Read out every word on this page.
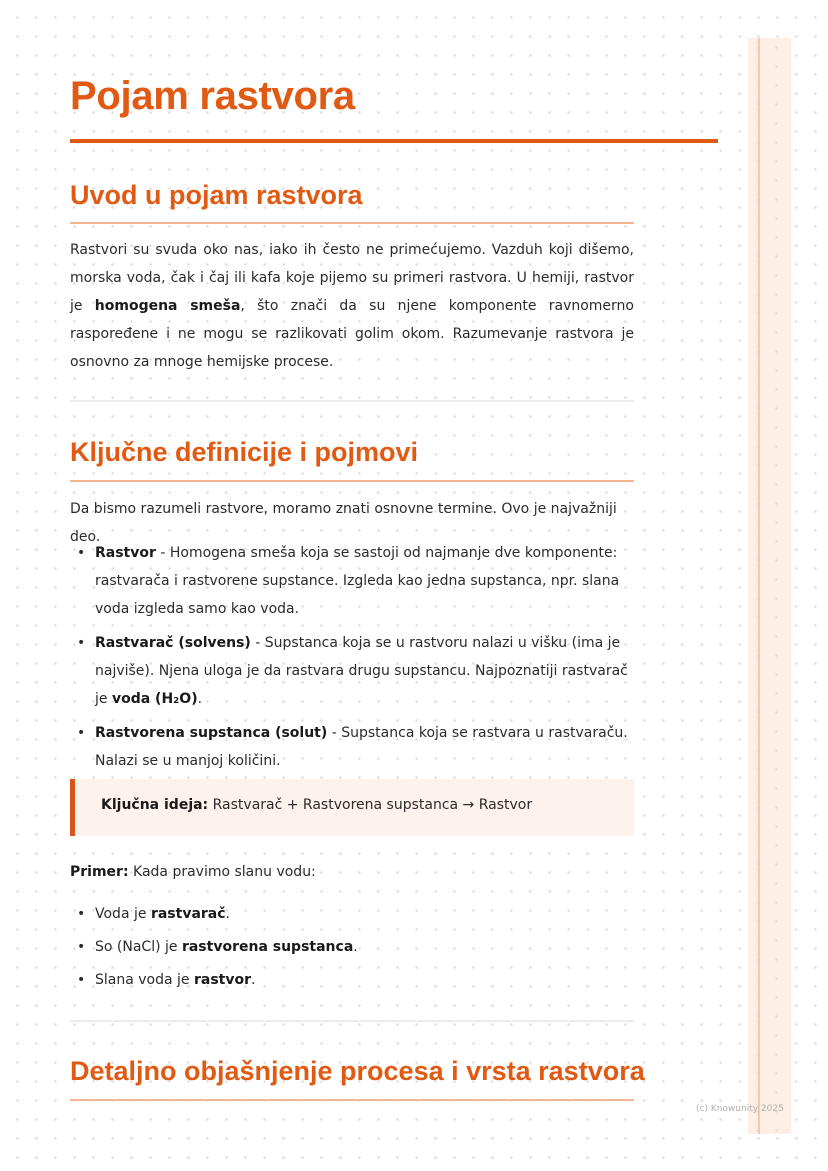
Pojam rastvora
Uvod u pojam rastvora

Rastvori su svuda oko nas, iako ih često ne primećujemo. Vazduh koji dišemo, morska voda, čak i čaj ili kafa koje pijemo su primeri rastvora. U hemiji, rastvor je homogena smeša, što znači da su njene komponente ravnomerno raspoređene i ne mogu se razlikovati golim okom. Razumevanje rastvora je osnovno za mnoge hemijske procese.

Ključne definicije i pojmovi

Da bismo razumeli rastvore, moramo znati osnovne termine. Ovo je najvažniji deo.

• Rastvor - Homogena smeša koja se sastoji od najmanje dve komponente: rastvarača i rastvorene supstance. Izgleda kao jedna supstanca, npr. slana voda izgleda samo kao voda.
• Rastvarač (solvens) - Supstanca koja se u rastvoru nalazi u višku (ima je najviše). Njena uloga je da rastvara drugu supstancu. Najpoznatiji rastvarač je voda (H₂O).
• Rastvorena supstanca (solut) - Supstanca koja se rastvara u rastvaraču. Nalazi se u manjoj količini.
Ključna ideja: Rastvarač + Rastvorena supstanca → Rastvor

Primer: Kada pravimo slanu vodu:

• Voda je rastvarač.
• So (NaCl) je rastvorena supstanca.
• Slana voda je rastvor.
Detaljno objašnjenje procesa i vrsta rastvora
(c) Knowunity 2025
